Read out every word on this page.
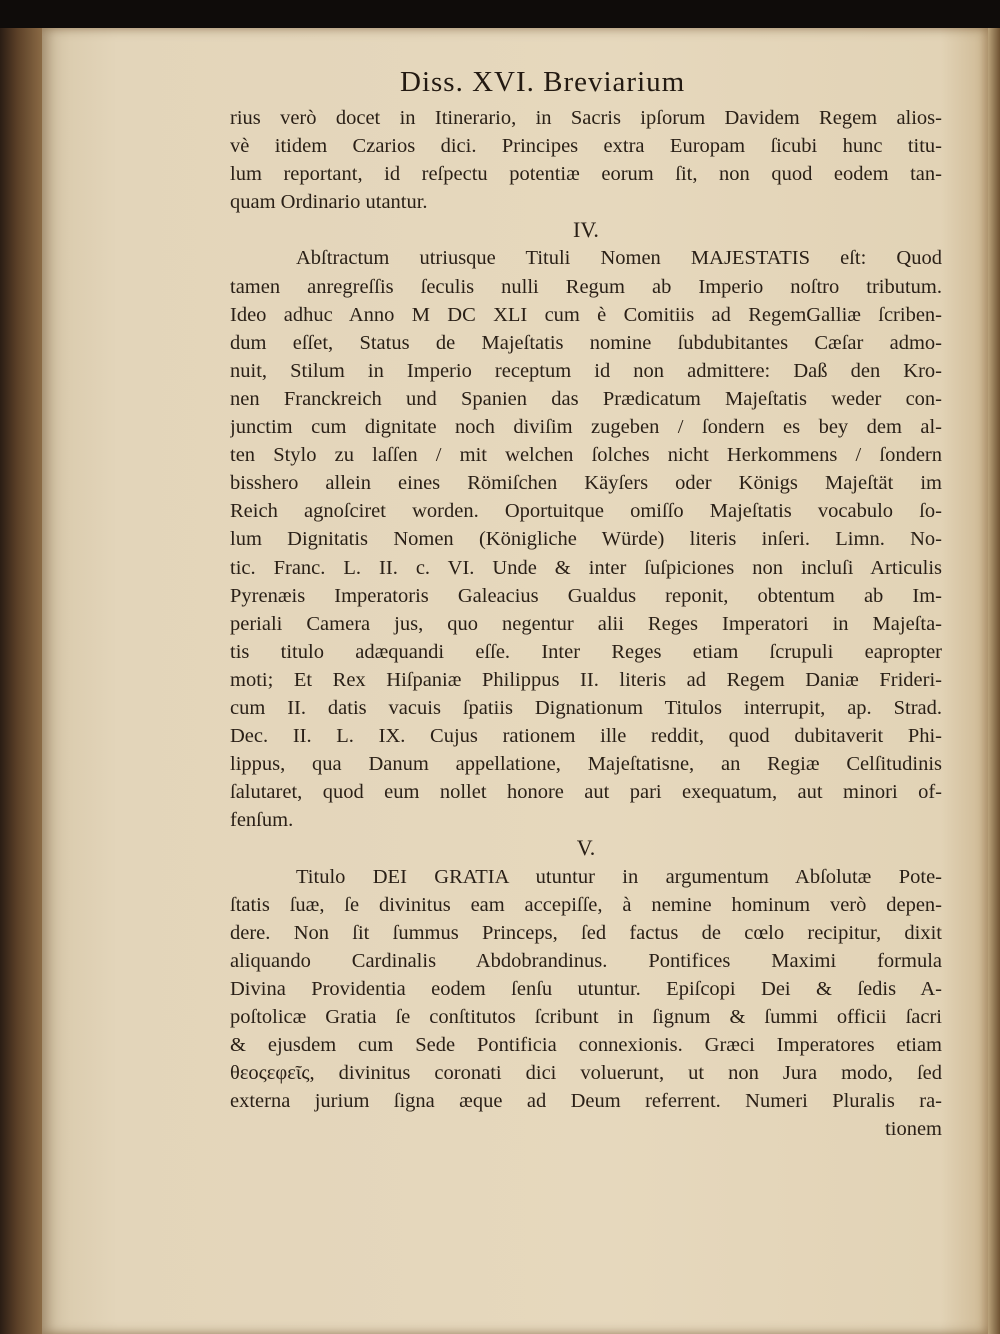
Diss. XVI. Breviarium
rius verò docet in Itinerario, in Sacris ipſorum Davidem Regem alios-
vè itidem Czarios dici. Principes extra Europam ſicubi hunc titu-
lum reportant, id reſpectu potentiæ eorum ſit, non quod eodem tan-
quam Ordinario utantur.
IV.
Abſtractum utriusque Tituli Nomen MAJESTATIS eſt: Quod
tamen anregreſſis ſeculis nulli Regum ab Imperio noſtro tributum.
Ideo adhuc Anno M DC XLI cum è Comitiis ad RegemGalliæ ſcriben-
dum eſſet, Status de Majeſtatis nomine ſubdubitantes Cæſar admo-
nuit, Stilum in Imperio receptum id non admittere: Daß den Kro-
nen Franckreich und Spanien das Prædicatum Majeſtatis weder con-
junctim cum dignitate noch diviſim zugeben / ſondern es bey dem al-
ten Stylo zu laſſen / mit welchen ſolches nicht Herkommens / ſondern
bisshero allein eines Römiſchen Käyſers oder Königs Majeſtät im
Reich agnoſciret worden. Oportuitque omiſſo Majeſtatis vocabulo ſo-
lum Dignitatis Nomen (Königliche Würde) literis inſeri. Limn. No-
tic. Franc. L. II. c. VI. Unde & inter ſuſpiciones non incluſi Articulis
Pyrenæis Imperatoris Galeacius Gualdus reponit, obtentum ab Im-
periali Camera jus, quo negentur alii Reges Imperatori in Majeſta-
tis titulo adæquandi eſſe. Inter Reges etiam ſcrupuli eapropter
moti; Et Rex Hiſpaniæ Philippus II. literis ad Regem Daniæ Frideri-
cum II. datis vacuis ſpatiis Dignationum Titulos interrupit, ap. Strad.
Dec. II. L. IX. Cujus rationem ille reddit, quod dubitaverit Phi-
lippus, qua Danum appellatione, Majeſtatisne, an Regiæ Celſitudinis
ſalutaret, quod eum nollet honore aut pari exequatum, aut minori of-
fenſum.
V.
Titulo DEI GRATIA utuntur in argumentum Abſolutæ Pote-
ſtatis ſuæ, ſe divinitus eam accepiſſe, à nemine hominum verò depen-
dere. Non ſit ſummus Princeps, ſed factus de cœlo recipitur, dixit
aliquando Cardinalis Abdobrandinus. Pontifices Maximi formula
Divina Providentia eodem ſenſu utuntur. Epiſcopi Dei & ſedis A-
poſtolicæ Gratia ſe conſtitutos ſcribunt in ſignum & ſummi officii ſacri
& ejusdem cum Sede Pontificia connexionis. Græci Imperatores etiam
θεοςεφεῖς, divinitus coronati dici voluerunt, ut non Jura modo, ſed
externa jurium ſigna æque ad Deum referrent. Numeri Pluralis ra-
tionem
